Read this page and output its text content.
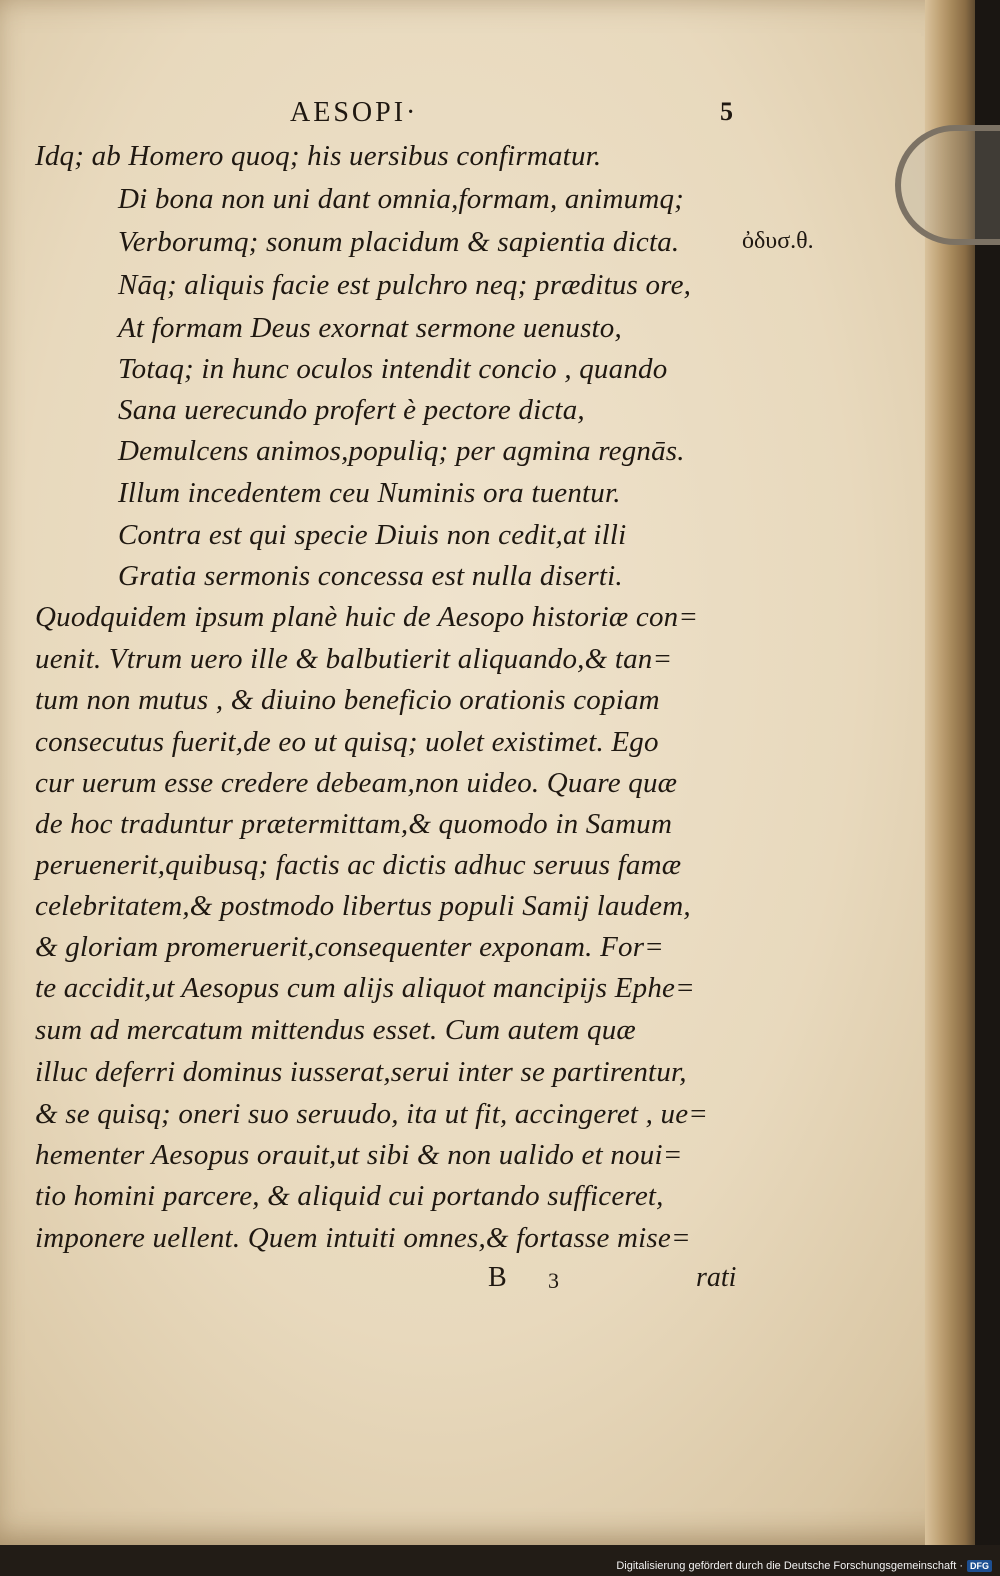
AESOPI·	5
ὀδυσ.θ.
Idq; ab Homero quoq; his uersibus confirmatur.
Di bona non uni dant omnia,formam, animumq;
Verborumq; sonum placidum & sapientia dicta.
Nāq; aliquis facie est pulchro neq; præditus ore,
At formam Deus exornat sermone uenusto,
Totaq; in hunc oculos intendit concio , quando
Sana uerecundo profert è pectore dicta,
Demulcens animos,populiq; per agmina regnās.
Illum incedentem ceu Numinis ora tuentur.
Contra est qui specie Diuis non cedit,at illi
Gratia sermonis concessa est nulla diserti.
Quodquidem ipsum planè huic de Aesopo historiæ con=
uenit. Vtrum uero ille & balbutierit aliquando,& tan=
tum non mutus , & diuino beneficio orationis copiam
consecutus fuerit,de eo ut quisq; uolet existimet. Ego
cur uerum esse credere debeam,non uideo. Quare quæ
de hoc traduntur prætermittam,& quomodo in Samum
peruenerit,quibusq; factis ac dictis adhuc seruus famæ
celebritatem,& postmodo libertus populi Samij laudem,
& gloriam promeruerit,consequenter exponam. For=
te accidit,ut Aesopus cum alijs aliquot mancipijs Ephe=
sum ad mercatum mittendus esset. Cum autem quæ
illuc deferri dominus iusserat,serui inter se partirentur,
& se quisq; oneri suo seruudo, ita ut fit, accingeret , ue=
hementer Aesopus orauit,ut sibi & non ualido et noui=
tio homini parcere, & aliquid cui portando sufficeret,
imponere uellent. Quem intuiti omnes,& fortasse mise=
B 3	rati
Digitalisierung gefördert durch die Deutsche Forschungsgemeinschaft · DFG
